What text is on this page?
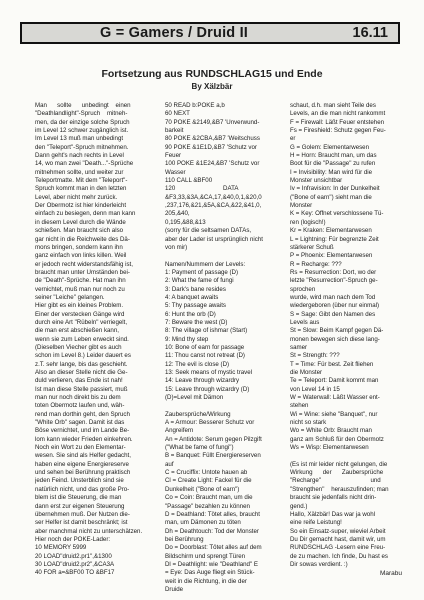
G = Gamers / Druid II	16.11
Fortsetzung aus RUNDSCHLAG15 und Ende
By Xälzbär
Man      sollte      unbedingt    einen
"Deathlandlight"-Spruch    mitneh-
men, da der einzige solche Spruch
im Level 12 schwer zugänglich ist.
Im Level 13 muß man unbedingt
den "Teleport"-Spruch mitnehmen.
Dann geht's nach rechts in Level
14, wo man zwei "Death..."-Sprüche
mitnehmen sollte, und weiter zur
Teleportmatte. Mit dem "Teleport"-
Spruch kommt man in den letzten
Level, aber nicht mehr zurück.
Der Obermotz ist hier kinderleicht
einfach zu besiegen, denn man kann
in diesem Level durch die Wände
schießen. Man braucht sich also
gar nicht in die Reichweite des Dä-
mons bringen, sondern kann ihn
ganz einfach von links killen. Weil
er jedoch recht widerstandsfähig ist,
braucht man unter Umständen bei-
de "Death"-Sprüche. Hat man ihn
vernichtet, muß man nur noch zu
seiner "Leiche" gelangen.
Hier gibt es ein kleines Problem.
Einer der verstecken Gänge wird
durch eine Art "Rübeln" verriegelt,
die man erst abschießen kann,
wenn sie zum Leben erweckt sind.
(Dieselben Viecher gibt es auch
schon im Level 8.) Leider dauert es
z.T. sehr lange, bis das geschieht.
Also an dieser Stelle nicht die Ge-
duld verlieren, das Ende ist nah!
Ist man diese Stelle passiert, muß
man nur noch direkt bis zu dem
toten Obermotz laufen und, wäh-
rend man dorthin geht, den Spruch
"White Orb" sagen. Damit ist das
Böse vernichtet, und im Lande Be-
lom kann wieder Frieden einkehren.
Noch ein Wort zu den Elementar-
wesen. Sie sind als Helfer gedacht,
haben eine eigene Energiereserve
und sehen bei Berührung praktisch
jeden Feind. Unsterblich sind sie
natürlich nicht, und das große Pro-
blem ist die Steuerung, die man
dann erst zur eigenen Steuerung
übernehmen muß. Der Nutzen die-
ser Helfer ist damit beschränkt; ist
aber manchmal nicht zu unterschätzen.
Hier noch der POKE-Lader:
10 MEMORY 5999
20 LOAD"druid2.pr1",&1300
30 LOAD"druid2.pr2",&CA3A
40 FOR a=&BF00 TO &BF17
50 READ b:POKE a,b
60 NEXT
70 POKE &2149,&B7 'Unverwund-
barkeit
80 POKE &2CBA,&B7 'Weitschuss
90 POKE &1E1D,&B7 'Schutz vor
Feuer
100 POKE &1E24,&B7 'Schutz vor
Wasser
110 CALL &BF00
120                            DATA
&F3,33,&3A,&CA,17,&40,0,1,&20,0
,237,176,&21,&5A,&CA,&22,&41,0,
205,&40,
0,195,&88,&13
(sorry für die seltsamen DATAs,
aber der Lader ist ursprünglich nicht
von mir)
Namen/Nummern der Levels:
1: Payment of passage (D)
2: What the fame of fungi
3: Dark's bane resides
4: A banquet awaits
5: Thy passage awaits
6: Hunt the orb (D)
7: Beware the west (D)
8: The village of ishmar (Start)
9: Mind thy step
10: Bone of earn for passage
11: Thou canst not retreat (D)
12: The evil is close (D)
13: Seek means of mystic travel
14: Leave through wizardry
15: Leave through wizardry (D)
(D)=Level mit Dämon
Zaubersprüche/Wirkung
A = Armour: Besserer Schutz vor
Angreifern
An = Antidote: Serum gegen Pilzgift
("What be fame of fungi")
B = Banquet: Füllt Energiereserven
auf
C = Cruciffix: Untote hauen ab
Cl = Create Light: Fackel für die
Dunkelheit ("Bone of earn")
Co = Coin: Braucht man, um die
"Passage" bezahlen zu können
D = Deathland: Tötet alles, braucht
man, um Dämonen zu töten
Dh = Deathtouch: Tod der Monster
bei Berührung
Do = Doorblast: Tötet alles auf dem
Bildschirm und sprengt Türen
Dl = Deathlight: wie "Deathland" E
= Eye: Das Auge fliegt ein Stück-
weit in die Richtung, in die der
Druide
schaut, d.h. man sieht Teile des
Levels, an die man nicht rankommt
F = Firewall: Läßt Feuer entstehen
Fs = Fireshield: Schutz gegen Feu-
er
G = Golem: Elementarwesen
H = Horn: Braucht man, um das
Boot für die "Passage" zu rufen
I = Invisibility: Man wird für die
Monster unsichtbar
Iv = Infravision: In der Dunkelheit
("Bone of earn") sieht man die
Monster
K = Key: Öffnet verschlossene Tü-
ren (logisch!)
Kr = Kraken: Elementarwesen
L = Lightning: Für begrenzte Zeit
stärkerer Schuß
P = Phoenix: Elementarwesen
R = Recharge: ???
Rs = Resurrection: Dort, wo der
letzte "Resurrection"-Spruch ge-
sprochen
wurde, wird man nach dem Tod
wiedergeboren (über nur einmal)
S = Sage: Gibt den Namen des
Levels aus
St = Slow: Beim Kampf gegen Dä-
monen bewegen sich diese lang-
samer
St = Strength: ???
T = Time: Für best. Zeit fliehen
die Monster
Te = Teleport: Damit kommt man
von Level 14 in 15
W = Waterwall: Läßt Wasser ent-
stehen
Wi = Wine: siehe "Banquet", nur
nicht so stark
Wo = White Orb: Braucht man
ganz am Schluß für den Obermotz
Ws = Wisp: Elementarwesen
(Es ist mir leider nicht gelungen, die
Wirkung      der      Zaubersprüche
"Recharge"                             und
"Strengthen"    herauszufinden; man
braucht sie jedenfalls nicht drin-
gend.)
Hallo, Xälzbär! Das war ja wohl
eine reife Leistung!
So ein Einsatz-super, wieviel Arbeit
Du Dir gemacht hast, damit wir, um
RUNDSCHLAG -Lesern eine Freu-
de zu machen. Ich finde, Du hast es
Dir sowas verdient. :)
Marabu
